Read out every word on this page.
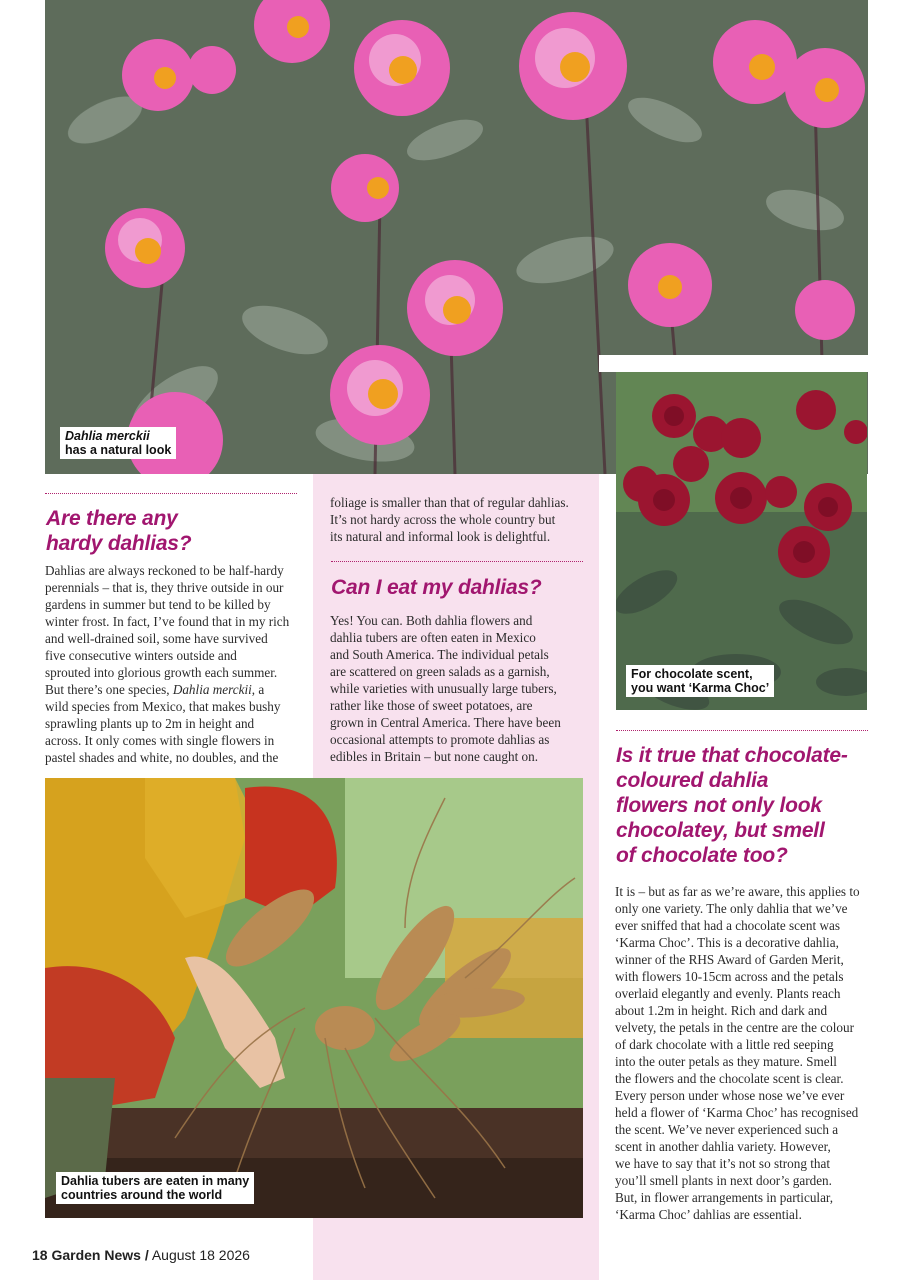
Dahlia merckii
has a natural look
For chocolate scent,
you want ‘Karma Choc’
Dahlia tubers are eaten in many
countries around the world
Are there any
hardy dahlias?
Dahlias are always reckoned to be half-hardy
perennials – that is, they thrive outside in our
gardens in summer but tend to be killed by
winter frost. In fact, I’ve found that in my rich
and well-drained soil, some have survived
five consecutive winters outside and
sprouted into glorious growth each summer.
But there’s one species, Dahlia merckii, a
wild species from Mexico, that makes bushy
sprawling plants up to 2m in height and
across. It only comes with single flowers in
pastel shades and white, no doubles, and the
foliage is smaller than that of regular dahlias.
It’s not hardy across the whole country but
its natural and informal look is delightful.
Can I eat my dahlias?
Yes! You can. Both dahlia flowers and
dahlia tubers are often eaten in Mexico
and South America. The individual petals
are scattered on green salads as a garnish,
while varieties with unusually large tubers,
rather like those of sweet potatoes, are
grown in Central America. There have been
occasional attempts to promote dahlias as
edibles in Britain – but none caught on.	Is it true that chocolate-
coloured dahlia
flowers not only look
chocolatey, but smell
of chocolate too?
It is – but as far as we’re aware, this applies to
only one variety. The only dahlia that we’ve
ever sniffed that had a chocolate scent was
‘Karma Choc’. This is a decorative dahlia,
winner of the RHS Award of Garden Merit,
with flowers 10-15cm across and the petals
overlaid elegantly and evenly. Plants reach
about 1.2m in height. Rich and dark and
velvety, the petals in the centre are the colour
of dark chocolate with a little red seeping
into the outer petals as they mature. Smell
the flowers and the chocolate scent is clear.
Every person under whose nose we’ve ever
held a flower of ‘Karma Choc’ has recognised
the scent. We’ve never experienced such a
scent in another dahlia variety. However,
we have to say that it’s not so strong that
you’ll smell plants in next door’s garden.
But, in flower arrangements in particular,
‘Karma Choc’ dahlias are essential.
18 Garden News / August 18 2026
